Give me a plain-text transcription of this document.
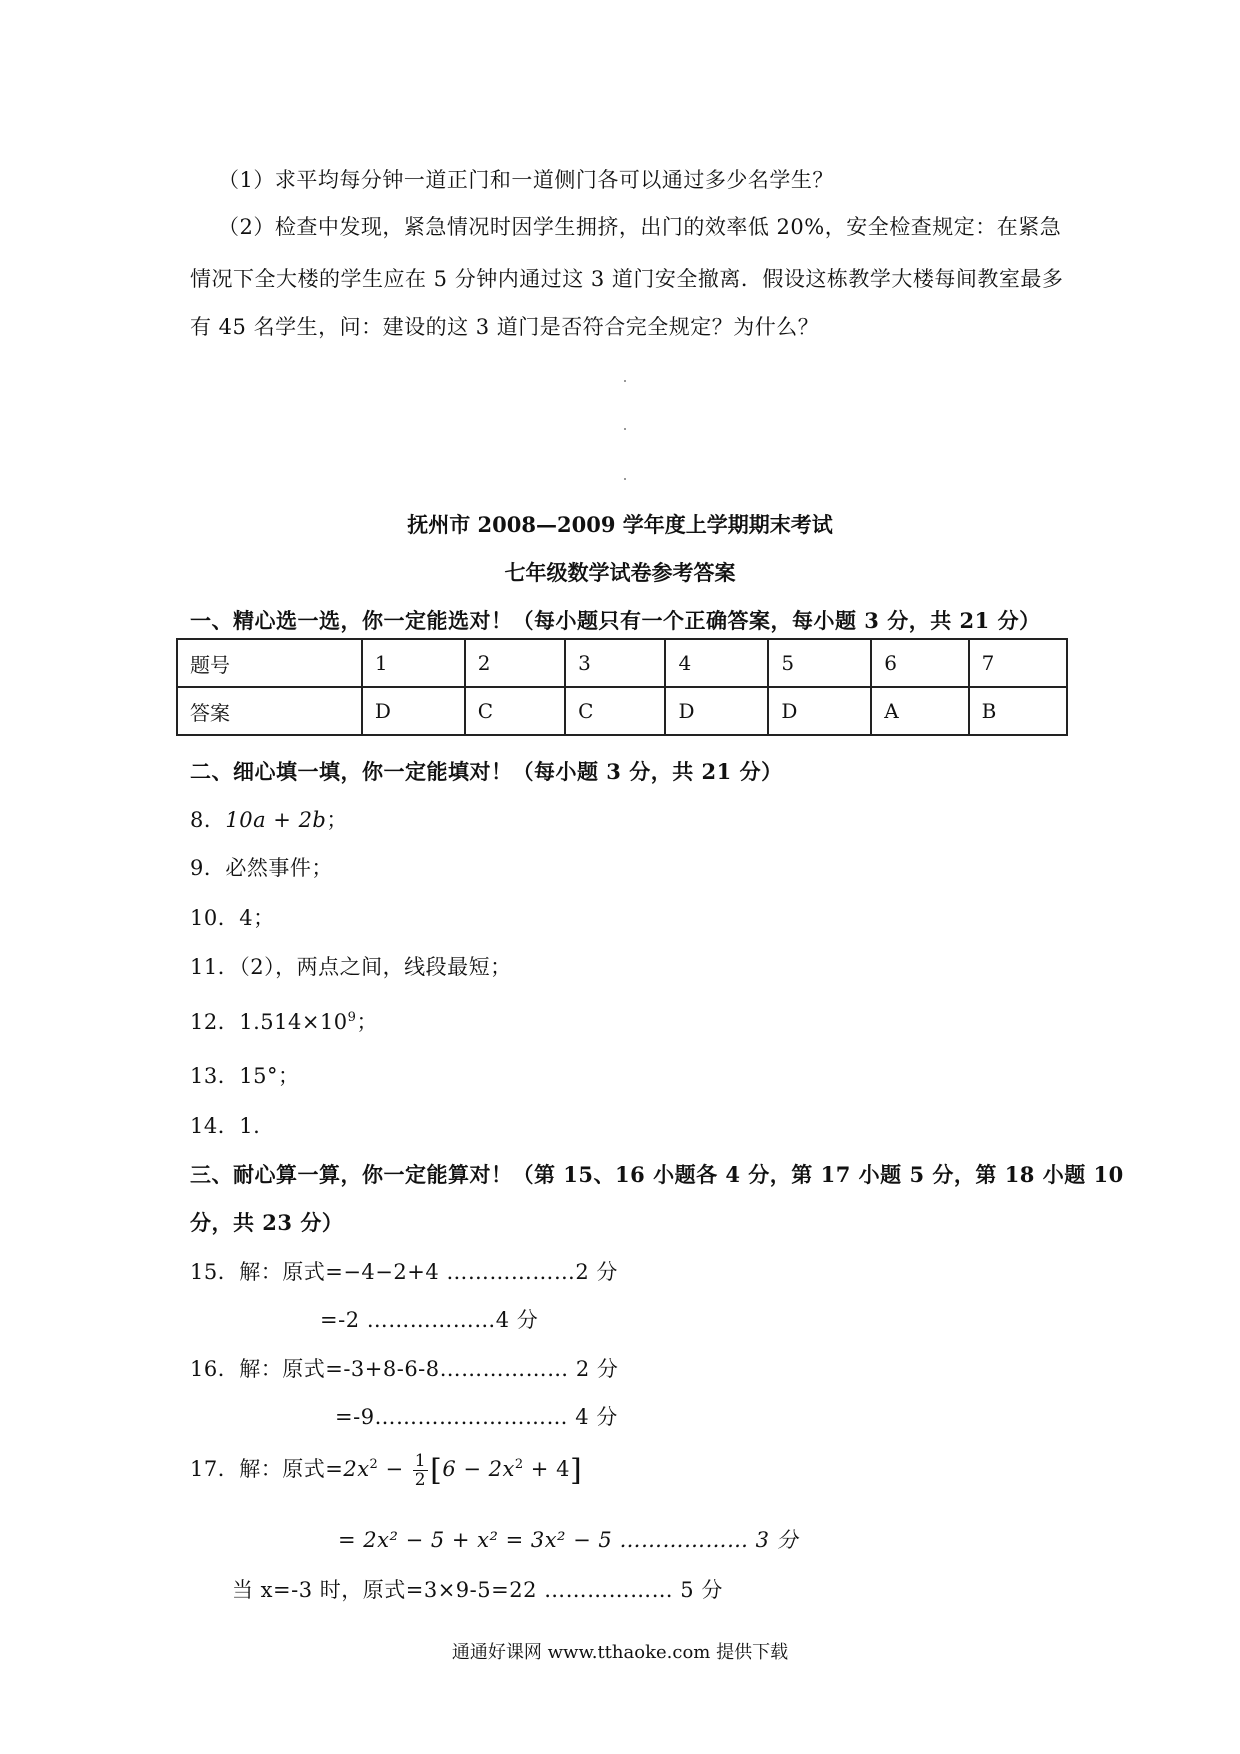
（1）求平均每分钟一道正门和一道侧门各可以通过多少名学生？
（2）检查中发现，紧急情况时因学生拥挤，出门的效率低 20%，安全检查规定：在紧急
情况下全大楼的学生应在 5 分钟内通过这 3 道门安全撤离．假设这栋教学大楼每间教室最多
有 45 名学生，问：建设的这 3 道门是否符合完全规定？为什么？
抚州市 2008—2009 学年度上学期期末考试
七年级数学试卷参考答案
一、精心选一选，你一定能选对！（每小题只有一个正确答案，每小题 3 分，共 21 分）
题号	1	2	3	4	5	6	7
答案	D	C	C	D	D	A	B
二、细心填一填，你一定能填对！（每小题 3 分，共 21 分）
8．10a + 2b；
9．必然事件；
10．4；
11．（2），两点之间，线段最短；
12．$1.514\times 10^9$；
13．15°；
14．1.
三、耐心算一算，你一定能算对！（第 15、16 小题各 4 分，第 17 小题 5 分，第 18 小题 10
分，共 23 分）
15．解：原式=−4−2+4 ………………2 分
=-2 ………………4 分
16．解：原式=-3+8-6-8……………… 2 分
=-9……………………… 4 分
17．解：原式$=2x^2 - \frac{1}{2} [6 - 2x^2 + 4]$
= 2x² − 5 + x² = 3x² − 5 ……………… 3 分
当 x=-3 时，原式=3×9-5=22 ……………… 5 分
通通好课网 www.tthaoke.com 提供下载
